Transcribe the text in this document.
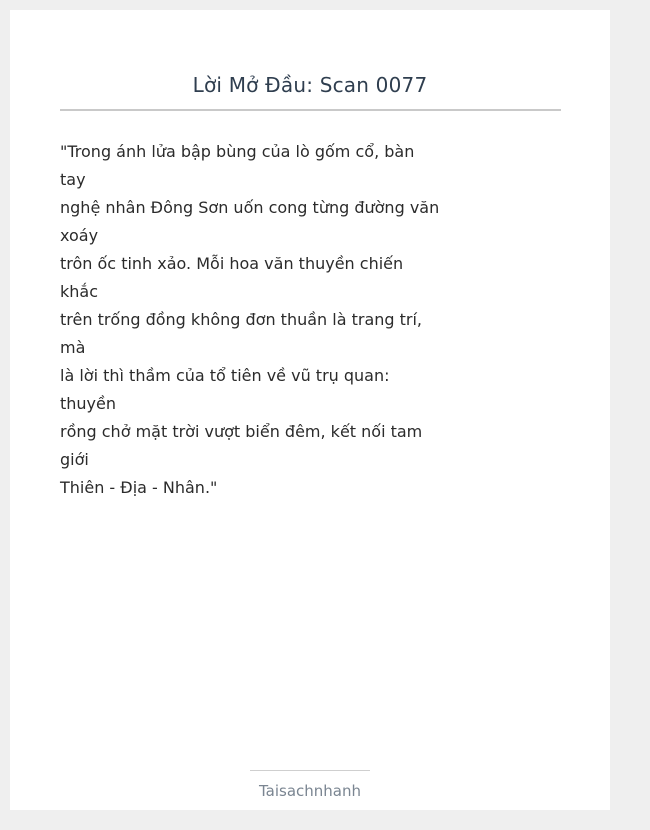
Lời Mở Đầu: Scan 0077
"Trong ánh lửa bập bùng của lò gốm cổ, bàn
tay
nghệ nhân Đông Sơn uốn cong từng đường văn
xoáy
trôn ốc tinh xảo. Mỗi hoa văn thuyền chiến
khắc
trên trống đồng không đơn thuần là trang trí,
mà
là lời thì thầm của tổ tiên về vũ trụ quan:
thuyền
rồng chở mặt trời vượt biển đêm, kết nối tam
giới
Thiên - Địa - Nhân."
Taisachnhanh
